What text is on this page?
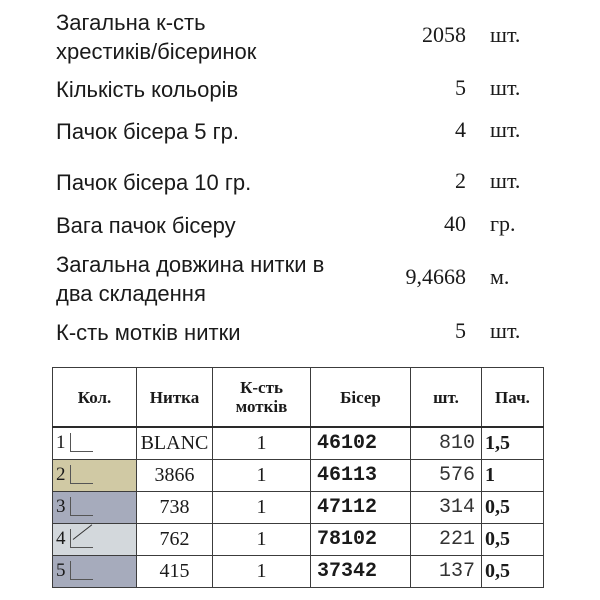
Загальна к-сть
хрестиків/бісеринок
2058 шт.
Кількість кольорів	5 шт.
Пачок бісера 5 гр.	4 шт.
Пачок бісера 10 гр.	2 шт.
Вага пачок бісеру	40 гр.
Загальна довжина нитки в
два складення
9,4668 м.
К-сть мотків нитки	5 шт.
Кол.	Нитка	К-сть
мотків	Бісер	шт.	Пач.

1	BLANC	1	46102	810	1,5

2	3866	1	46113	576	1

3	738	1	47112	314	0,5

4	762	1	78102	221	0,5

5	415	1	37342	137	0,5
